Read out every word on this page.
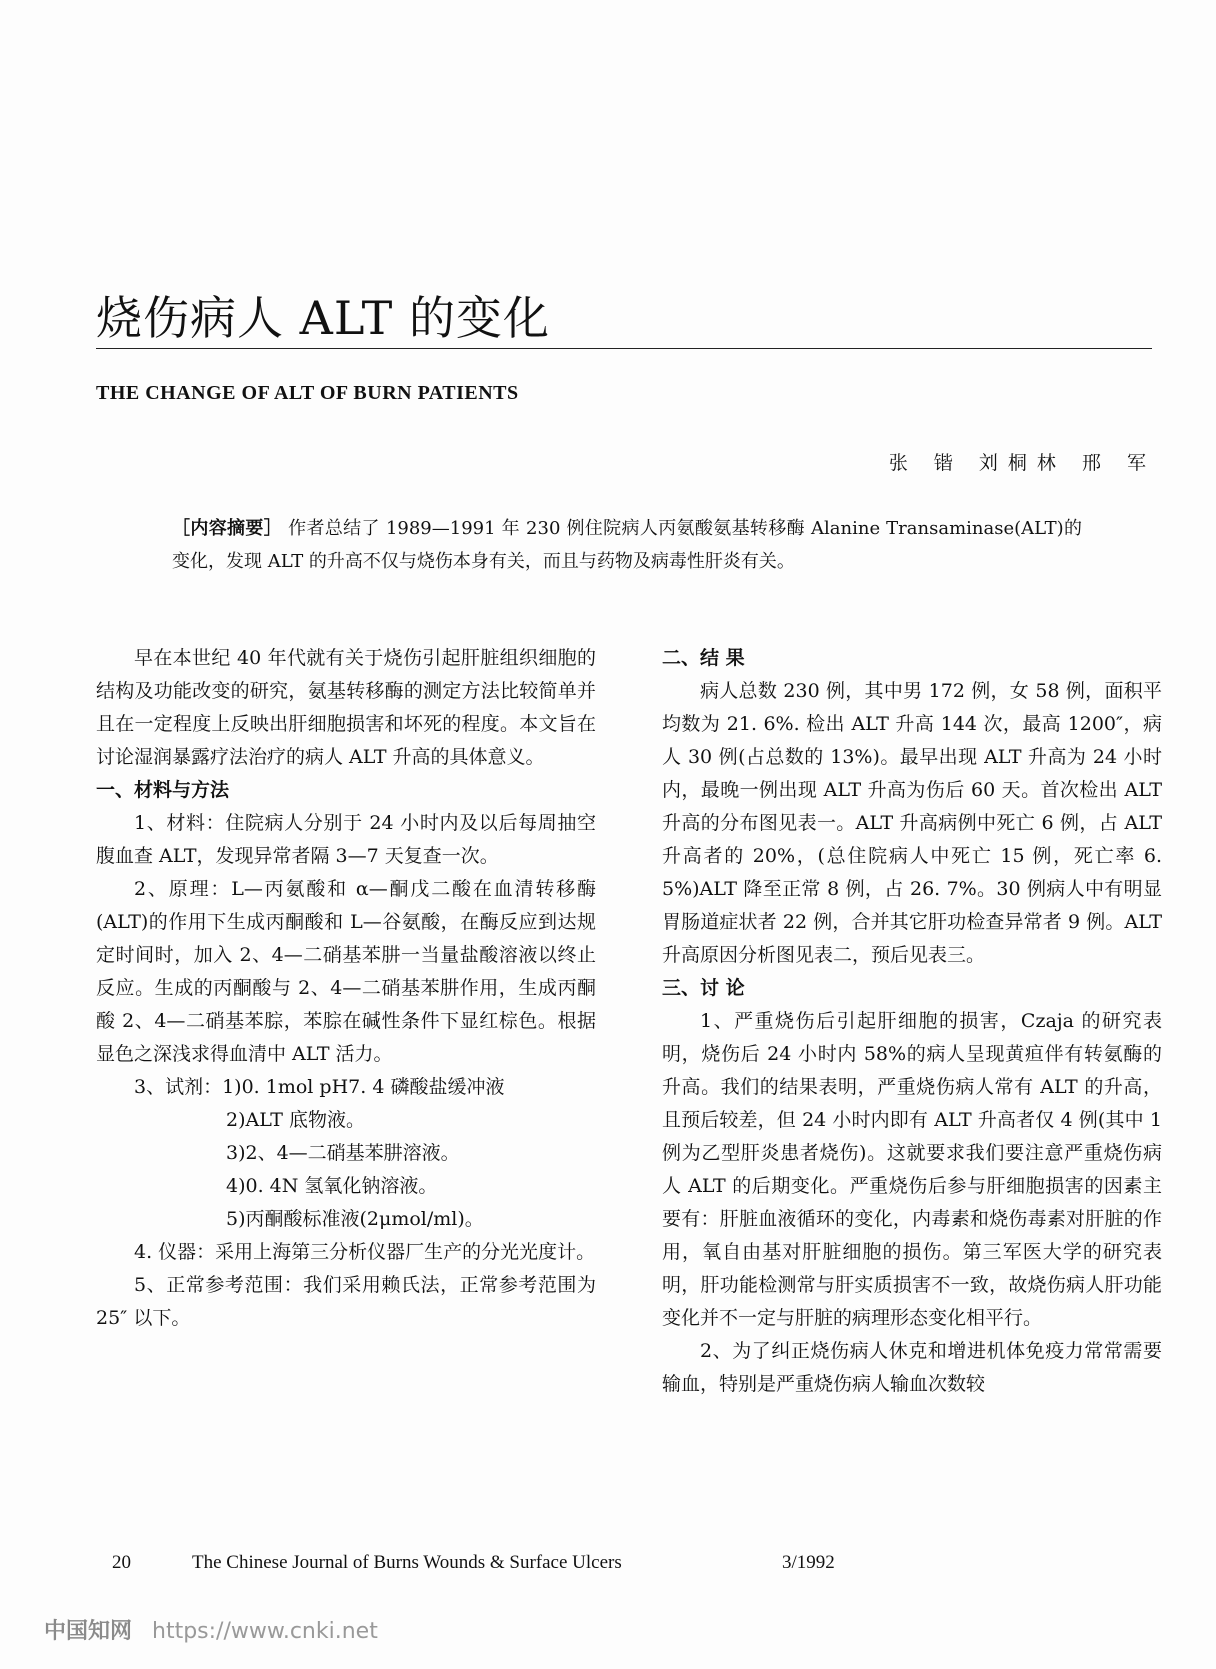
烧伤病人 ALT 的变化
THE CHANGE OF ALT OF BURN PATIENTS
张 锴 刘桐林 邢 军

［内容摘要］ 作者总结了 1989—1991 年 230 例住院病人丙氨酸氨基转移酶 Alanine Transaminase(ALT)的变化，发现 ALT 的升高不仅与烧伤本身有关，而且与药物及病毒性肝炎有关。

早在本世纪 40 年代就有关于烧伤引起肝脏组织细胞的结构及功能改变的研究，氨基转移酶的测定方法比较简单并且在一定程度上反映出肝细胞损害和坏死的程度。本文旨在讨论湿润暴露疗法治疗的病人 ALT 升高的具体意义。

一、材料与方法

1、材料：住院病人分别于 24 小时内及以后每周抽空腹血查 ALT，发现异常者隔 3—7 天复查一次。

2、原理：L—丙氨酸和 α—酮戊二酸在血清转移酶(ALT)的作用下生成丙酮酸和 L—谷氨酸，在酶反应到达规定时间时，加入 2、4—二硝基苯肼一当量盐酸溶液以终止反应。生成的丙酮酸与 2、4—二硝基苯肼作用，生成丙酮酸 2、4—二硝基苯腙，苯腙在碱性条件下显红棕色。根据显色之深浅求得血清中 ALT 活力。

3、试剂：1)0. 1mol pH7. 4 磷酸盐缓冲液

2)ALT 底物液。

3)2、4—二硝基苯肼溶液。

4)0. 4N 氢氧化钠溶液。

5)丙酮酸标准液(2μmol/ml)。

4. 仪器：采用上海第三分析仪器厂生产的分光光度计。

5、正常参考范围：我们采用赖氏法，正常参考范围为 25″ 以下。

二、结 果

病人总数 230 例，其中男 172 例，女 58 例，面积平均数为 21. 6%. 检出 ALT 升高 144 次，最高 1200″，病人 30 例(占总数的 13%)。最早出现 ALT 升高为 24 小时内，最晚一例出现 ALT 升高为伤后 60 天。首次检出 ALT 升高的分布图见表一。ALT 升高病例中死亡 6 例，占 ALT 升高者的 20%，(总住院病人中死亡 15 例，死亡率 6. 5%)ALT 降至正常 8 例，占 26. 7%。30 例病人中有明显胃肠道症状者 22 例，合并其它肝功检查异常者 9 例。ALT 升高原因分析图见表二，预后见表三。

三、讨 论

1、严重烧伤后引起肝细胞的损害，Czaja 的研究表明，烧伤后 24 小时内 58%的病人呈现黄疸伴有转氨酶的升高。我们的结果表明，严重烧伤病人常有 ALT 的升高，且预后较差，但 24 小时内即有 ALT 升高者仅 4 例(其中 1 例为乙型肝炎患者烧伤)。这就要求我们要注意严重烧伤病人 ALT 的后期变化。严重烧伤后参与肝细胞损害的因素主要有：肝脏血液循环的变化，内毒素和烧伤毒素对肝脏的作用，氧自由基对肝脏细胞的损伤。第三军医大学的研究表明，肝功能检测常与肝实质损害不一致，故烧伤病人肝功能变化并不一定与肝脏的病理形态变化相平行。

2、为了纠正烧伤病人休克和增进机体免疫力常常需要输血，特别是严重烧伤病人输血次数较

20	The Chinese Journal of Burns Wounds & Surface Ulcers	3/1992
中国知网 https://www.cnki.net
